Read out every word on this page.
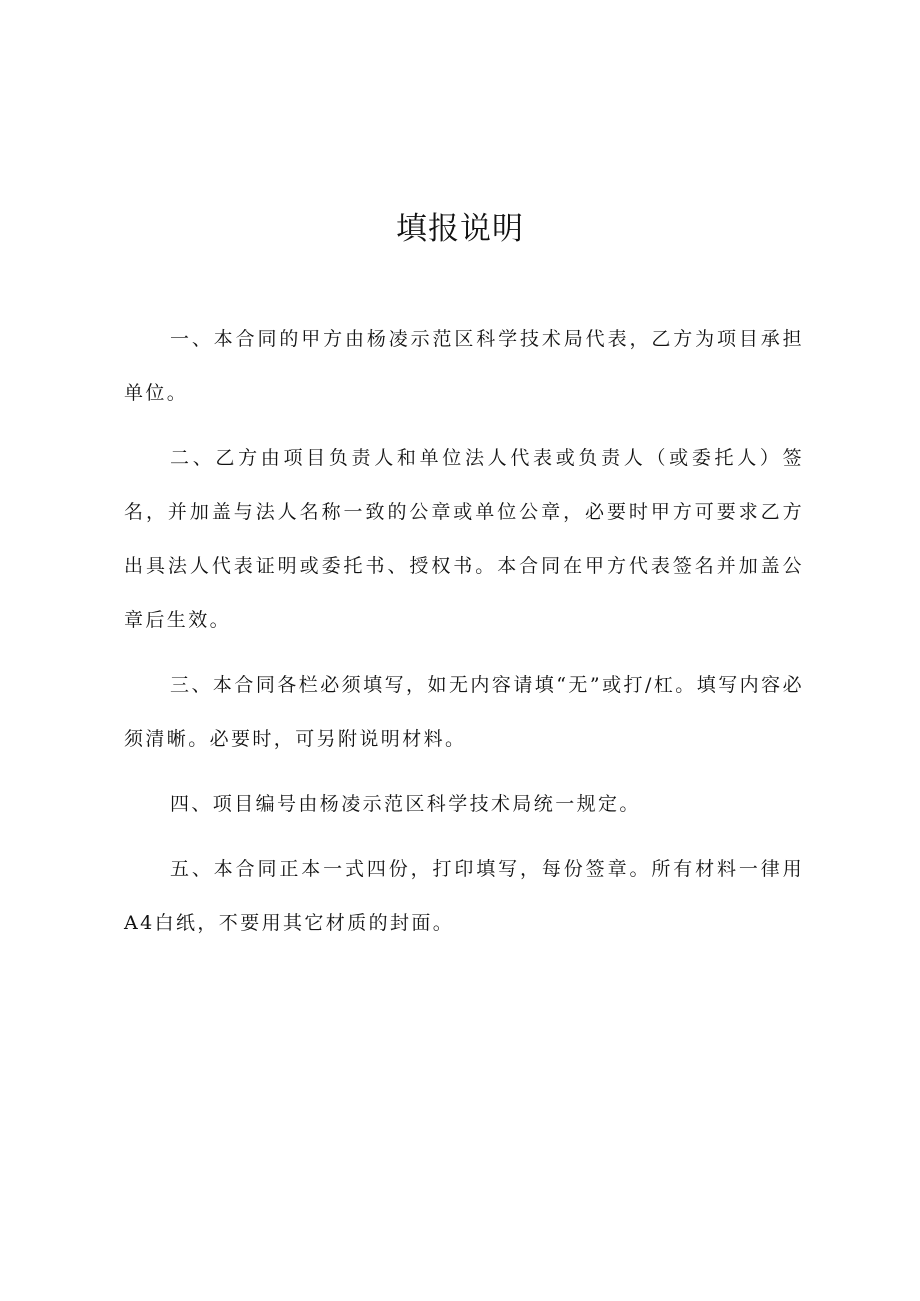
填报说明

一、本合同的甲方由杨凌示范区科学技术局代表，乙方为项目承担单位。

二、乙方由项目负责人和单位法人代表或负责人（或委托人）签名，并加盖与法人名称一致的公章或单位公章，必要时甲方可要求乙方出具法人代表证明或委托书、授权书。本合同在甲方代表签名并加盖公章后生效。

三、本合同各栏必须填写，如无内容请填“无”或打/杠。填写内容必须清晰。必要时，可另附说明材料。

四、项目编号由杨凌示范区科学技术局统一规定。

五、本合同正本一式四份，打印填写，每份签章。所有材料一律用A4白纸，不要用其它材质的封面。
